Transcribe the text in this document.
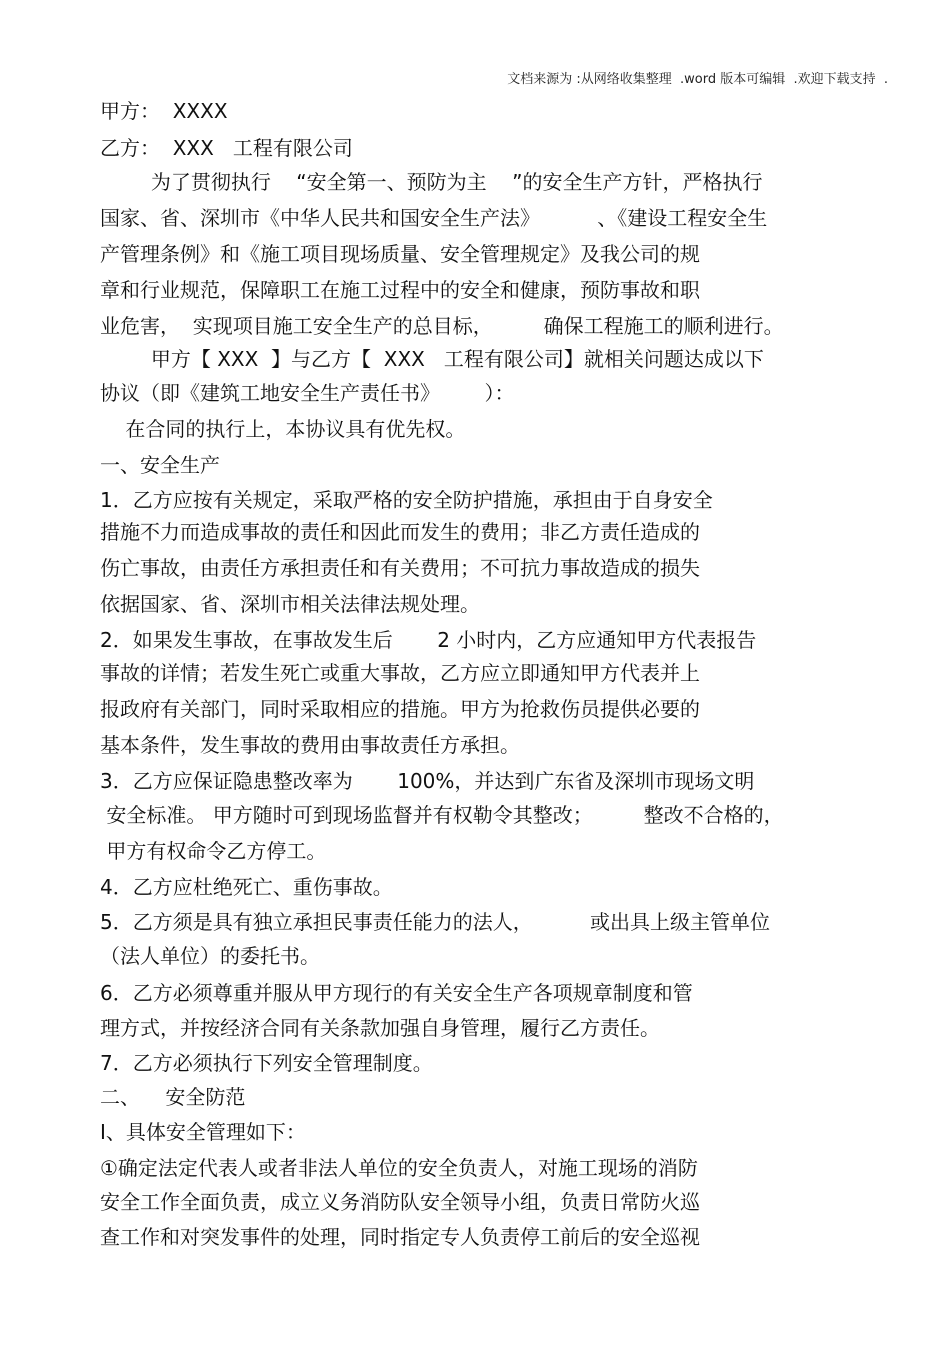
文档来源为 :从网络收集整理  .word 版本可编辑  .欢迎下载支持  .
甲方：  XXXX
乙方：  XXX   工程有限公司
为了贯彻执行    “安全第一、预防为主    ”的安全生产方针，严格执行
国家、省、深圳市《中华人民共和国安全生产法》         、《建设工程安全生
产管理条例》和《施工项目现场质量、安全管理规定》及我公司的规
章和行业规范，保障职工在施工过程中的安全和健康，预防事故和职
业危害，  实现项目施工安全生产的总目标，        确保工程施工的顺利进行。
甲方【 XXX  】与乙方【  XXX   工程有限公司】就相关问题达成以下
协议（即《建筑工地安全生产责任书》       ）：
在合同的执行上，本协议具有优先权。
一、安全生产
1．乙方应按有关规定，采取严格的安全防护措施，承担由于自身安全
措施不力而造成事故的责任和因此而发生的费用；非乙方责任造成的
伤亡事故，由责任方承担责任和有关费用；不可抗力事故造成的损失
依据国家、省、深圳市相关法律法规处理。
2．如果发生事故，在事故发生后       2 小时内，乙方应通知甲方代表报告
事故的详情；若发生死亡或重大事故，乙方应立即通知甲方代表并上
报政府有关部门，同时采取相应的措施。甲方为抢救伤员提供必要的
基本条件，发生事故的费用由事故责任方承担。
3．乙方应保证隐患整改率为       100%，并达到广东省及深圳市现场文明
安全标准。 甲方随时可到现场监督并有权勒令其整改；        整改不合格的，
甲方有权命令乙方停工。
4．乙方应杜绝死亡、重伤事故。
5．乙方须是具有独立承担民事责任能力的法人，         或出具上级主管单位
（法人单位）的委托书。
6．乙方必须尊重并服从甲方现行的有关安全生产各项规章制度和管
理方式，并按经济合同有关条款加强自身管理，履行乙方责任。
7．乙方必须执行下列安全管理制度。
二、    安全防范
Ⅰ、具体安全管理如下：
①确定法定代表人或者非法人单位的安全负责人，对施工现场的消防
安全工作全面负责，成立义务消防队安全领导小组，负责日常防火巡
查工作和对突发事件的处理，同时指定专人负责停工前后的安全巡视
